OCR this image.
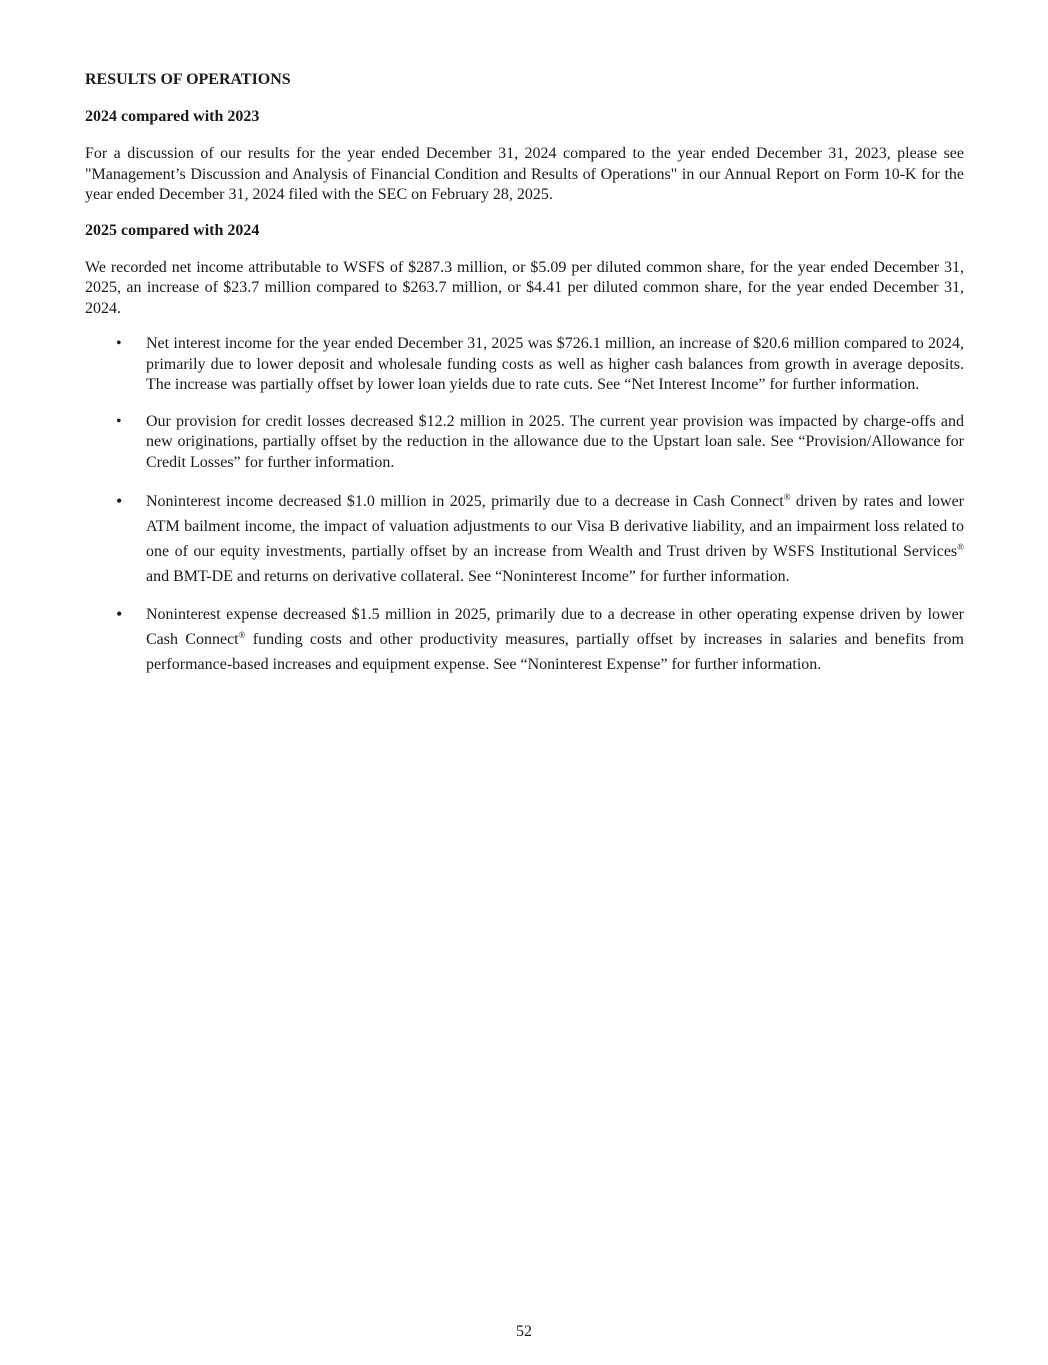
RESULTS OF OPERATIONS
2024 compared with 2023

For a discussion of our results for the year ended December 31, 2024 compared to the year ended December 31, 2023, please see "Management’s Discussion and Analysis of Financial Condition and Results of Operations" in our Annual Report on Form 10-K for the year ended December 31, 2024 filed with the SEC on February 28, 2025.

2025 compared with 2024

We recorded net income attributable to WSFS of $287.3 million, or $5.09 per diluted common share, for the year ended December 31, 2025, an increase of $23.7 million compared to $263.7 million, or $4.41 per diluted common share, for the year ended December 31, 2024.

• Net interest income for the year ended December 31, 2025 was $726.1 million, an increase of $20.6 million compared to 2024, primarily due to lower deposit and wholesale funding costs as well as higher cash balances from growth in average deposits. The increase was partially offset by lower loan yields due to rate cuts. See “Net Interest Income” for further information.
• Our provision for credit losses decreased $12.2 million in 2025. The current year provision was impacted by charge-offs and new originations, partially offset by the reduction in the allowance due to the Upstart loan sale. See “Provision/Allowance for Credit Losses” for further information.
• Noninterest income decreased $1.0 million in 2025, primarily due to a decrease in Cash Connect® driven by rates and lower ATM bailment income, the impact of valuation adjustments to our Visa B derivative liability, and an impairment loss related to one of our equity investments, partially offset by an increase from Wealth and Trust driven by WSFS Institutional Services® and BMT-DE and returns on derivative collateral. See “Noninterest Income” for further information.
• Noninterest expense decreased $1.5 million in 2025, primarily due to a decrease in other operating expense driven by lower Cash Connect® funding costs and other productivity measures, partially offset by increases in salaries and benefits from performance-based increases and equipment expense. See “Noninterest Expense” for further information.
52
